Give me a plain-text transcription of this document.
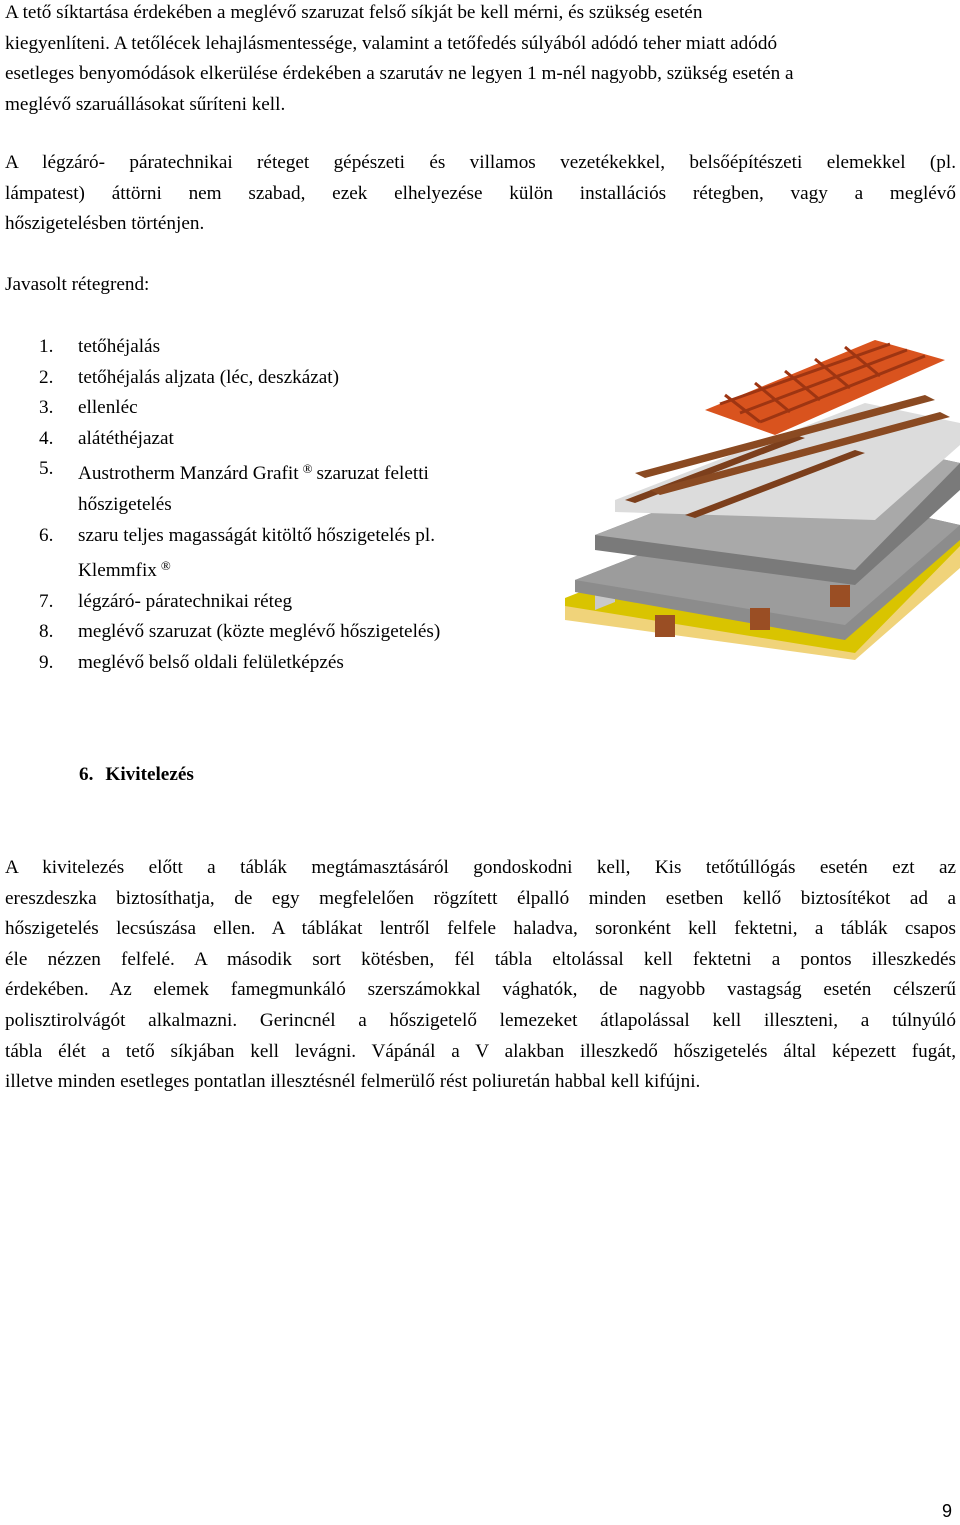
A tető síktartása érdekében a meglévő szaruzat felső síkját be kell mérni, és szükség esetén
kiegyenlíteni. A tetőlécek lehajlásmentessége, valamint a tetőfedés súlyából adódó teher miatt adódó
esetleges benyomódások elkerülése érdekében a szarutáv ne legyen 1 m-nél nagyobb, szükség esetén a
meglévő szaruállásokat sűríteni kell.
A légzáró- páratechnikai réteget gépészeti és villamos vezetékekkel, belsőépítészeti elemekkel (pl.
lámpatest) áttörni nem szabad, ezek elhelyezése külön installációs rétegben, vagy a meglévő
hőszigetelésben történjen.

Javasolt rétegrend:

1. tetőhéjalás
2. tetőhéjalás aljzata (léc, deszkázat)
3. ellenléc
4. alátéthéjazat
5. Austrotherm Manzárd Grafit ® szaruzat feletti
hőszigetelés
6. szaru teljes magasságát kitöltő hőszigetelés pl.
Klemmfix ®
7. légzáró- páratechnikai réteg
8. meglévő szaruzat (közte meglévő hőszigetelés)
9. meglévő belső oldali felületképzés
6. Kivitelezés
A kivitelezés előtt a táblák megtámasztásáról gondoskodni kell, Kis tetőtúllógás esetén ezt az
ereszdeszka biztosíthatja, de egy megfelelően rögzített élpalló minden esetben kellő biztosítékot ad a
hőszigetelés lecsúszása ellen. A táblákat lentről felfele haladva, soronként kell fektetni, a táblák csapos
éle nézzen felfelé. A második sort kötésben, fél tábla eltolással kell fektetni a pontos illeszkedés
érdekében. Az elemek famegmunkáló szerszámokkal vághatók, de nagyobb vastagság esetén célszerű
polisztirolvágót alkalmazni. Gerincnél a hőszigetelő lemezeket átlapolással kell illeszteni, a túlnyúló
tábla élét a tető síkjában kell levágni. Vápánál a V alakban illeszkedő hőszigetelés által képezett fugát,
illetve minden esetleges pontatlan illesztésnél felmerülő rést poliuretán habbal kell kifújni.
9
